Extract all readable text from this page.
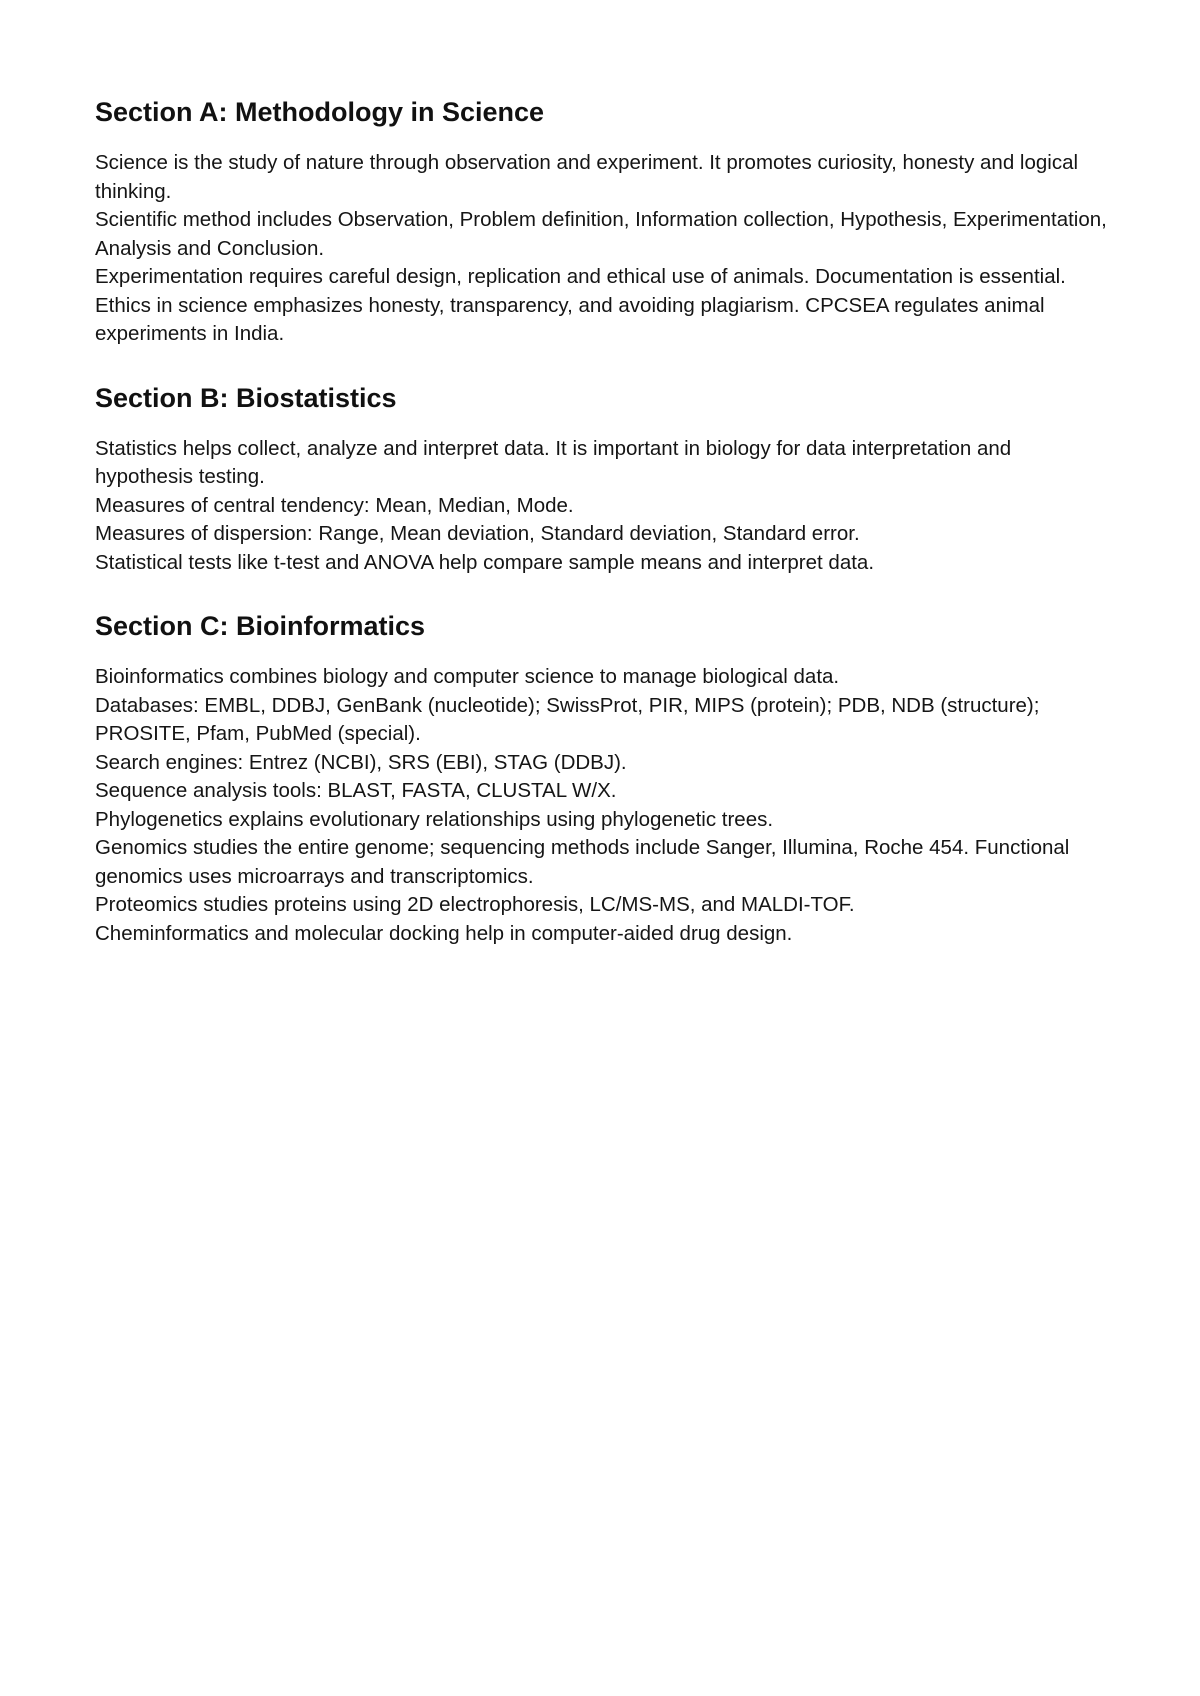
Section A: Methodology in Science

Science is the study of nature through observation and experiment. It promotes curiosity, honesty and logical thinking.

Scientific method includes Observation, Problem definition, Information collection, Hypothesis, Experimentation, Analysis and Conclusion.

Experimentation requires careful design, replication and ethical use of animals. Documentation is essential.

Ethics in science emphasizes honesty, transparency, and avoiding plagiarism. CPCSEA regulates animal experiments in India.

Section B: Biostatistics

Statistics helps collect, analyze and interpret data. It is important in biology for data interpretation and hypothesis testing.

Measures of central tendency: Mean, Median, Mode.

Measures of dispersion: Range, Mean deviation, Standard deviation, Standard error.

Statistical tests like t-test and ANOVA help compare sample means and interpret data.

Section C: Bioinformatics

Bioinformatics combines biology and computer science to manage biological data.

Databases: EMBL, DDBJ, GenBank (nucleotide); SwissProt, PIR, MIPS (protein); PDB, NDB (structure); PROSITE, Pfam, PubMed (special).

Search engines: Entrez (NCBI), SRS (EBI), STAG (DDBJ).

Sequence analysis tools: BLAST, FASTA, CLUSTAL W/X.

Phylogenetics explains evolutionary relationships using phylogenetic trees.

Genomics studies the entire genome; sequencing methods include Sanger, Illumina, Roche 454. Functional genomics uses microarrays and transcriptomics.

Proteomics studies proteins using 2D electrophoresis, LC/MS-MS, and MALDI-TOF.

Cheminformatics and molecular docking help in computer-aided drug design.
